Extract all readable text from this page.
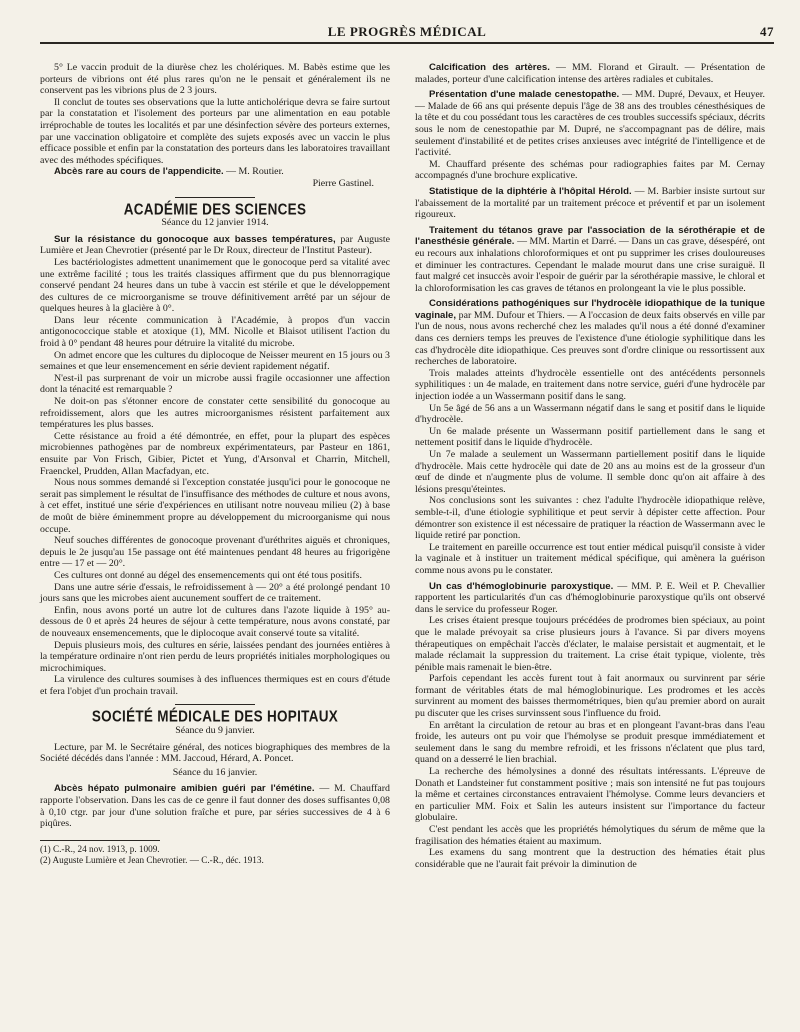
LE PROGRÈS MÉDICAL	47

5° Le vaccin produit de la diurèse chez les cholériques. M. Babès estime que les porteurs de vibrions ont été plus rares qu'on ne le pensait et généralement ils ne conservent pas les vibrions plus de 2 3 jours.

Il conclut de toutes ses observations que la lutte anticholérique devra se faire surtout par la constatation et l'isolement des porteurs par une alimentation en eau potable irréprochable de toutes les localités et par une désinfection sévère des porteurs externes, par une vaccination obligatoire et complète des sujets exposés avec un vaccin le plus efficace possible et enfin par la constatation des porteurs dans les laboratoires travaillant avec des méthodes spécifiques.

Abcès rare au cours de l'appendicite. — M. Routier.

Pierre Gastinel.

ACADÉMIE DES SCIENCES
Séance du 12 janvier 1914.

Sur la résistance du gonocoque aux basses températures, par Auguste Lumière et Jean Chevrotier (présenté par le Dr Roux, directeur de l'Institut Pasteur).

Les bactériologistes admettent unanimement que le gonocoque perd sa vitalité avec une extrême facilité ; tous les traités classiques affirment que du pus blennorragique conservé pendant 24 heures dans un tube à vaccin est stérile et que le développement des cultures de ce microorganisme se trouve définitivement arrêté par un séjour de quelques heures à la glacière à 0°.

Dans leur récente communication à l'Académie, à propos d'un vaccin antigonococcique stable et atoxique (1), MM. Nicolle et Blaisot utilisent l'action du froid à 0° pendant 48 heures pour détruire la vitalité du microbe.

On admet encore que les cultures du diplocoque de Neisser meurent en 15 jours ou 3 semaines et que leur ensemencement en série devient rapidement négatif.

N'est-il pas surprenant de voir un microbe aussi fragile occasionner une affection dont la ténacité est remarquable ?

Ne doit-on pas s'étonner encore de constater cette sensibilité du gonocoque au refroidissement, alors que les autres microorganismes résistent parfaitement aux températures les plus basses.

Cette résistance au froid a été démontrée, en effet, pour la plupart des espèces microbiennes pathogènes par de nombreux expérimentateurs, par Pasteur en 1861, ensuite par Von Frisch, Gibier, Pictet et Yung, d'Arsonval et Charrin, Mitchell, Fraenckel, Prudden, Allan Macfadyan, etc.

Nous nous sommes demandé si l'exception constatée jusqu'ici pour le gonocoque ne serait pas simplement le résultat de l'insuffisance des méthodes de culture et nous avons, à cet effet, institué une série d'expériences en utilisant notre nouveau milieu (2) à base de moût de bière éminemment propre au développement du microorganisme qui nous occupe.

Neuf souches différentes de gonocoque provenant d'uréthrites aiguës et chroniques, depuis le 2e jusqu'au 15e passage ont été maintenues pendant 48 heures au frigorigène entre — 17 et — 20°.

Ces cultures ont donné au dégel des ensemencements qui ont été tous positifs.

Dans une autre série d'essais, le refroidissement à — 20° a été prolongé pendant 10 jours sans que les microbes aient aucunement souffert de ce traitement.

Enfin, nous avons porté un autre lot de cultures dans l'azote liquide à 195° au-dessous de 0 et après 24 heures de séjour à cette température, nous avons constaté, par de nouveaux ensemencements, que le diplocoque avait conservé toute sa vitalité.

Depuis plusieurs mois, des cultures en série, laissées pendant des journées entières à la température ordinaire n'ont rien perdu de leurs propriétés initiales morphologiques ou microchimiques.

La virulence des cultures soumises à des influences thermiques est en cours d'étude et fera l'objet d'un prochain travail.

SOCIÉTÉ MÉDICALE DES HOPITAUX
Séance du 9 janvier.

Lecture, par M. le Secrétaire général, des notices biographiques des membres de la Société décédés dans l'année : MM. Jaccoud, Hérard, A. Poncet.

Séance du 16 janvier.

Abcès hépato pulmonaire amibien guéri par l'émétine. — M. Chauffard rapporte l'observation. Dans les cas de ce genre il faut donner des doses suffisantes 0,08 à 0,10 ctgr. par jour d'une solution fraîche et pure, par séries successives de 4 à 6 piqûres.

(1) C.-R., 24 nov. 1913, p. 1009.

(2) Auguste Lumière et Jean Chevrotier. — C.-R., déc. 1913.

Calcification des artères. — MM. Florand et Girault. — Présentation de malades, porteur d'une calcification intense des artères radiales et cubitales.

Présentation d'une malade cenestopathe. — MM. Dupré, Devaux, et Heuyer. — Malade de 66 ans qui présente depuis l'âge de 38 ans des troubles cénesthésiques de la tête et du cou possédant tous les caractères de ces troubles successifs spéciaux, décrits sous le nom de cenestopathie par M. Dupré, ne s'accompagnant pas de délire, mais seulement d'instabilité et de petites crises anxieuses avec intégrité de l'intelligence et de l'activité.

M. Chauffard présente des schémas pour radiographies faites par M. Cernay accompagnés d'une brochure explicative.

Statistique de la diphtérie à l'hôpital Hérold. — M. Barbier insiste surtout sur l'abaissement de la mortalité par un traitement précoce et préventif et par un isolement rigoureux.

Traitement du tétanos grave par l'association de la sérothérapie et de l'anesthésie générale. — MM. Martin et Darré. — Dans un cas grave, désespéré, ont eu recours aux inhalations chloroformiques et ont pu supprimer les crises douloureuses et diminuer les contractures. Cependant le malade mourut dans une crise suraiguë. Il faut malgré cet insuccès avoir l'espoir de guérir par la sérothérapie massive, le chloral et la chloroformisation les cas graves de tétanos en prolongeant la vie le plus possible.

Considérations pathogéniques sur l'hydrocèle idiopathique de la tunique vaginale, par MM. Dufour et Thiers. — A l'occasion de deux faits observés en ville par l'un de nous, nous avons recherché chez les malades qu'il nous a été donné d'examiner dans ces derniers temps les preuves de l'existence d'une étiologie syphilitique dans les cas d'hydrocèle dite idiopathique. Ces preuves sont d'ordre clinique ou ressortissent aux recherches de laboratoire.

Trois malades atteints d'hydrocèle essentielle ont des antécédents personnels syphilitiques : un 4e malade, en traitement dans notre service, guéri d'une hydrocèle par injection iodée a un Wassermann positif dans le sang.

Un 5e âgé de 56 ans a un Wassermann négatif dans le sang et positif dans le liquide d'hydrocèle.

Un 6e malade présente un Wassermann positif partiellement dans le sang et nettement positif dans le liquide d'hydrocèle.

Un 7e malade a seulement un Wassermann partiellement positif dans le liquide d'hydrocèle. Mais cette hydrocèle qui date de 20 ans au moins est de la grosseur d'un œuf de dinde et n'augmente plus de volume. Il semble donc qu'on ait affaire à des lésions presqu'éteintes.

Nos conclusions sont les suivantes : chez l'adulte l'hydrocèle idiopathique relève, semble-t-il, d'une étiologie syphilitique et peut servir à dépister cette affection. Pour démontrer son existence il est nécessaire de pratiquer la réaction de Wassermann avec le liquide retiré par ponction.

Le traitement en pareille occurrence est tout entier médical puisqu'il consiste à vider la vaginale et à instituer un traitement médical spécifique, qui amènera la guérison comme nous avons pu le constater.

Un cas d'hémoglobinurie paroxystique. — MM. P. E. Weil et P. Chevallier rapportent les particularités d'un cas d'hémoglobinurie paroxystique qu'ils ont observé dans le service du professeur Roger.

Les crises étaient presque toujours précédées de prodromes bien spéciaux, au point que le malade prévoyait sa crise plusieurs jours à l'avance. Si par divers moyens thérapeutiques on empêchait l'accès d'éclater, le malaise persistait et augmentait, et le malade réclamait la suppression du traitement. La crise était typique, violente, très pénible mais ramenait le bien-être.

Parfois cependant les accès furent tout à fait anormaux ou survinrent par série formant de véritables états de mal hémoglobinurique. Les prodromes et les accès survinrent au moment des baisses thermométriques, bien qu'au premier abord on aurait pu discuter que les crises survinssent sous l'influence du froid.

En arrêtant la circulation de retour au bras et en plongeant l'avant-bras dans l'eau froide, les auteurs ont pu voir que l'hémolyse se produit presque immédiatement et seulement dans le sang du membre refroidi, et les frissons n'éclatent que plus tard, quand on a desserré le lien brachial.

La recherche des hémolysines a donné des résultats intéressants. L'épreuve de Donath et Landsteiner fut constamment positive ; mais son intensité ne fut pas toujours la même et certaines circonstances entravaient l'hémolyse. Comme leurs devanciers et en particulier MM. Foix et Salin les auteurs insistent sur l'importance du facteur globulaire.

C'est pendant les accès que les propriétés hémolytiques du sérum de même que la fragilisation des hématies étaient au maximum.

Les examens du sang montrent que la destruction des hématies était plus considérable que ne l'aurait fait prévoir la diminution de
